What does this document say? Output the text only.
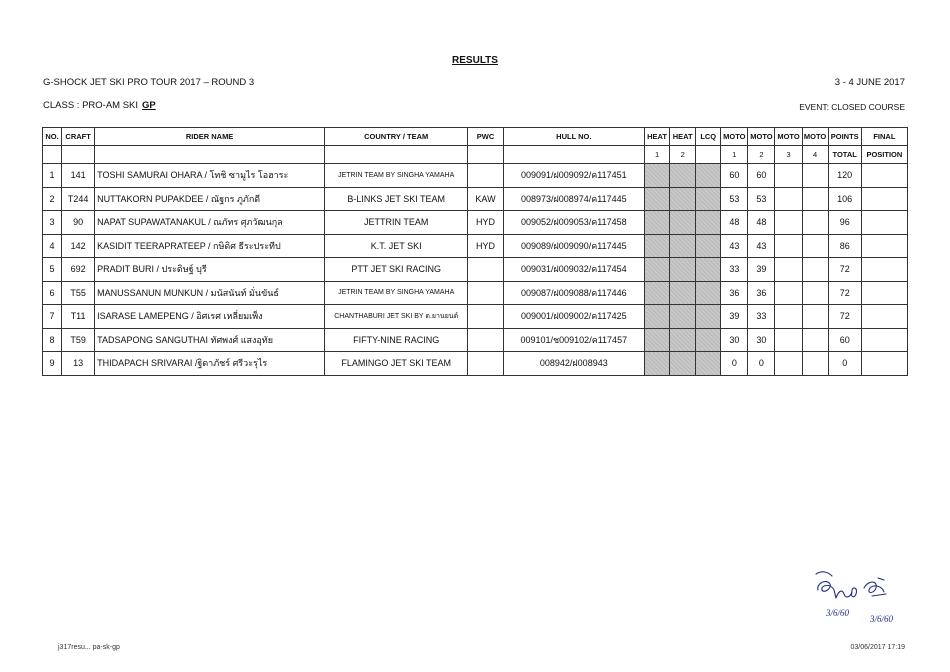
RESULTS
G-SHOCK JET SKI PRO TOUR 2017 – ROUND 3	3 - 4 JUNE 2017
CLASS : PRO-AM SKI GP	EVENT: CLOSED COURSE
NO.	CRAFT	RIDER NAME	COUNTRY / TEAM	PWC	HULL NO.	HEAT	HEAT	LCQ	MOTO	MOTO	MOTO	MOTO	POINTS	FINAL
						1	2		1	2	3	4	TOTAL	POSITION
1	141	TOSHI SAMURAI OHARA / โทชิ ซามูไร โอฮาระ	JETRIN TEAM BY SINGHA YAMAHA		009091/ฝ009092/ค117451				60	60			120	
2	T244	NUTTAKORN PUPAKDEE / ณัฐกร ภูภักดี	B-LINKS JET SKI TEAM	KAW	008973/ฝ008974/ค117445				53	53			106	
3	90	NAPAT SUPAWATANAKUL / ณภัทร ศุภวัฒนกุล	JETTRIN TEAM	HYD	009052/ฝ009053/ค117458				48	48			96	
4	142	KASIDIT TEERAPRATEEP / กษิดิศ ธีระประทีป	K.T. JET SKI	HYD	009089/ฝ009090/ค117445				43	43			86	
5	692	PRADIT BURI / ประดิษฐ์ บุรี	PTT JET SKI RACING		009031/ฝ009032/ค117454				33	39			72	
6	T55	MANUSSANUN MUNKUN / มนัสนันท์ มั่นขันธ์	JETRIN TEAM BY SINGHA YAMAHA		009087/ฝ009088/ค117446				36	36			72	
7	T11	ISARASE LAMEPENG / อิศเรศ เหลี่ยมเพ็ง	CHANTHABURI JET SKI BY ต.ยานยนต์		009001/ฝ009002/ค117425				39	33			72	
8	T59	TADSAPONG SANGUTHAI ทัศพงศ์ แสงอุทัย	FIFTY-NINE RACING		009101/ช009102/ค117457				30	30			60	
9	13	THIDAPACH SRIVARAI /ฐิดาภัชร์ ศรีวะรุไร	FLAMINGO JET SKI TEAM		008942/ฝ008943				0	0			0	
3/6/60
3/6/60
j317resu... pa-sk-gp	03/06/2017 17:19
